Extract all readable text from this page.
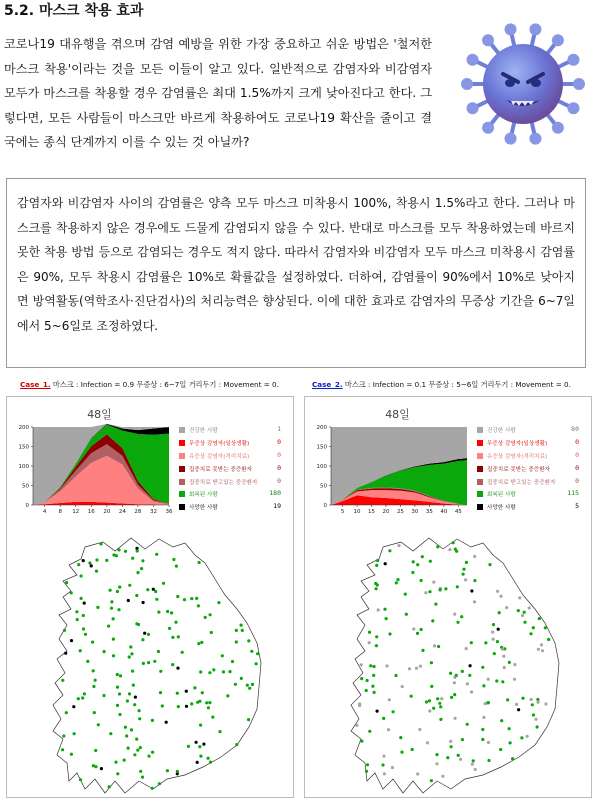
5.2. 마스크 착용 효과

코로나19 대유행을 겪으며 감염 예방을 위한 가장 중요하고 쉬운 방법은 '철저한 마스크 착용'이라는 것을 모든 이들이 알고 있다. 일반적으로 감염자와 비감염자 모두가 마스크를 착용할 경우 감염률은 최대 1.5%까지 크게 낮아진다고 한다. 그렇다면, 모든 사람들이 마스크만 바르게 착용하여도 코로나19 확산을 줄이고 결국에는 종식 단계까지 이를 수 있는 것 아닐까?

감염자와 비감염자 사이의 감염률은 양측 모두 마스크 미착용시 100%, 착용시 1.5%라고 한다. 그러나 마스크를 착용하지 않은 경우에도 드물게 감염되지 않을 수 있다. 반대로 마스크를 모두 착용하였는데 바르지 못한 착용 방법 등으로 감염되는 경우도 적지 않다. 따라서 감염자와 비감염자 모두 마스크 미착용시 감염률은 90%, 모두 착용시 감염률은 10%로 확률값을 설정하였다. 더하여, 감염률이 90%에서 10%로 낮아지면 방역활동(역학조사·진단검사)의 처리능력은 향상된다. 이에 대한 효과로 감염자의 무증상 기간을 6~7일에서 5~6일로 조정하였다.

Case_1. 마스크 : Infection = 0.9 무증상 : 6~7일 거리두기 : Movement = 0.
48일
0
50
100
150
200
4 8 12 16 20 24 28 32 36
건강한 사람	1
무증상 감염자(일상생활)	0
유증상 감염자(격리치료)	0
집중치료 못받는 중증환자	0
집중치료 받고있는 중증환자	0
회복된 사람	180
사망한 사람	19
Case_2. 마스크 : Infection = 0.1 무증상 : 5~6일 거리두기 : Movement = 0.
48일
0
50
100
150
200
5 10 15 20 25 30 35 40 45
건강한 사람	80
무증상 감염자(일상생활)	0
유증상 감염자(격리치료)	0
집중치료 못받는 중증환자	0
집중치료 받고있는 중증환자	0
회복된 사람	115
사망한 사람	5
